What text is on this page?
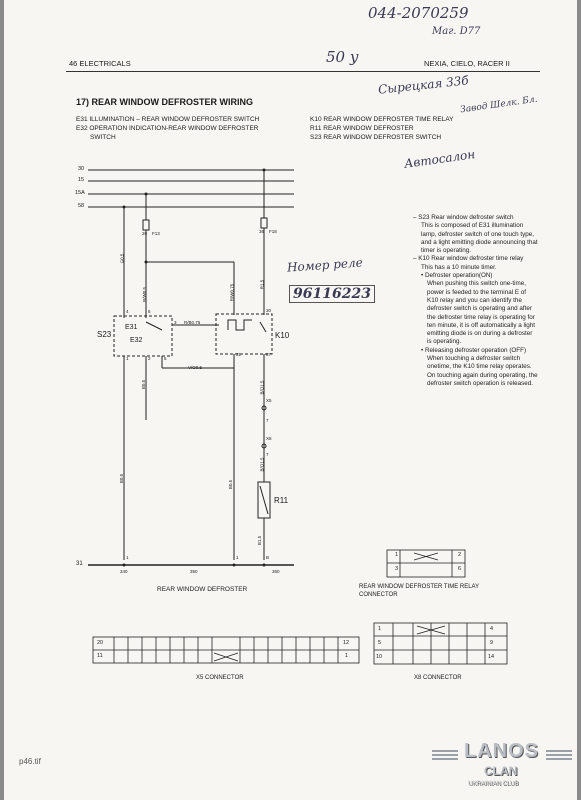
044-2070259
Маг. D77
50 у
Сырецкая 33б
Завод Шелк. Бл.
Автосалон
Номер реле
96116223
46 ELECTRICALS	NEXIA, CIELO, RACER II
17) REAR WINDOW DEFROSTER WIRING
E31 ILLUMINATION – REAR WINDOW DEFROSTER SWITCH
E32 OPERATION INDICATION-REAR WINDOW DEFROSTER
SWITCH
K10 REAR WINDOW DEFROSTER TIME RELAY
R11 REAR WINDOW DEFROSTER
S23 REAR WINDOW DEFROSTER SWITCH

– S23 Rear window defroster switch

This is composed of E31 illumination lamp, defroster switch of one touch type, and a light emitting diode announcing that timer is operating.

– K10 Rear window defroster time relay

This has a 10 minute timer.

• Defroster operation(ON)

When pushing this switch one-time, power is feeded to the terminal E of K10 relay and you can identify the defroster switch is operating and after the defroster time relay is operating for ten minute, it is off automatically a light emitting diode is on during a defroster is operating.

• Releasing defroster operation (OFF)

When touching a defroster switch onetime, the K10 time relay operates. On touching again during operating, the defroster switch operation is released.

30
15
15A
58
20 F13	36 F18
S23
E31
E32
K10
R11
G0.5
R/W0.5
R/B0.75
R/W0.75	R1.5
V/O0.5
B0.5	B/O1.5
X5
X8
B/O1.5
B0.5
B0.5
B1.5
3
30
31	87
4	6
1	2	5
7
7
31
340	350	360
1	1	B
REAR WINDOW DEFROSTER
1	2
3	6
REAR WINDOW DEFROSTER TIME RELAY CONNECTOR
20	12
11	1
X5 CONNECTOR
1	4
5	9
10	14
X8 CONNECTOR
p46.tif	LANOS
CLAN
UKRAINIAN CLUB
